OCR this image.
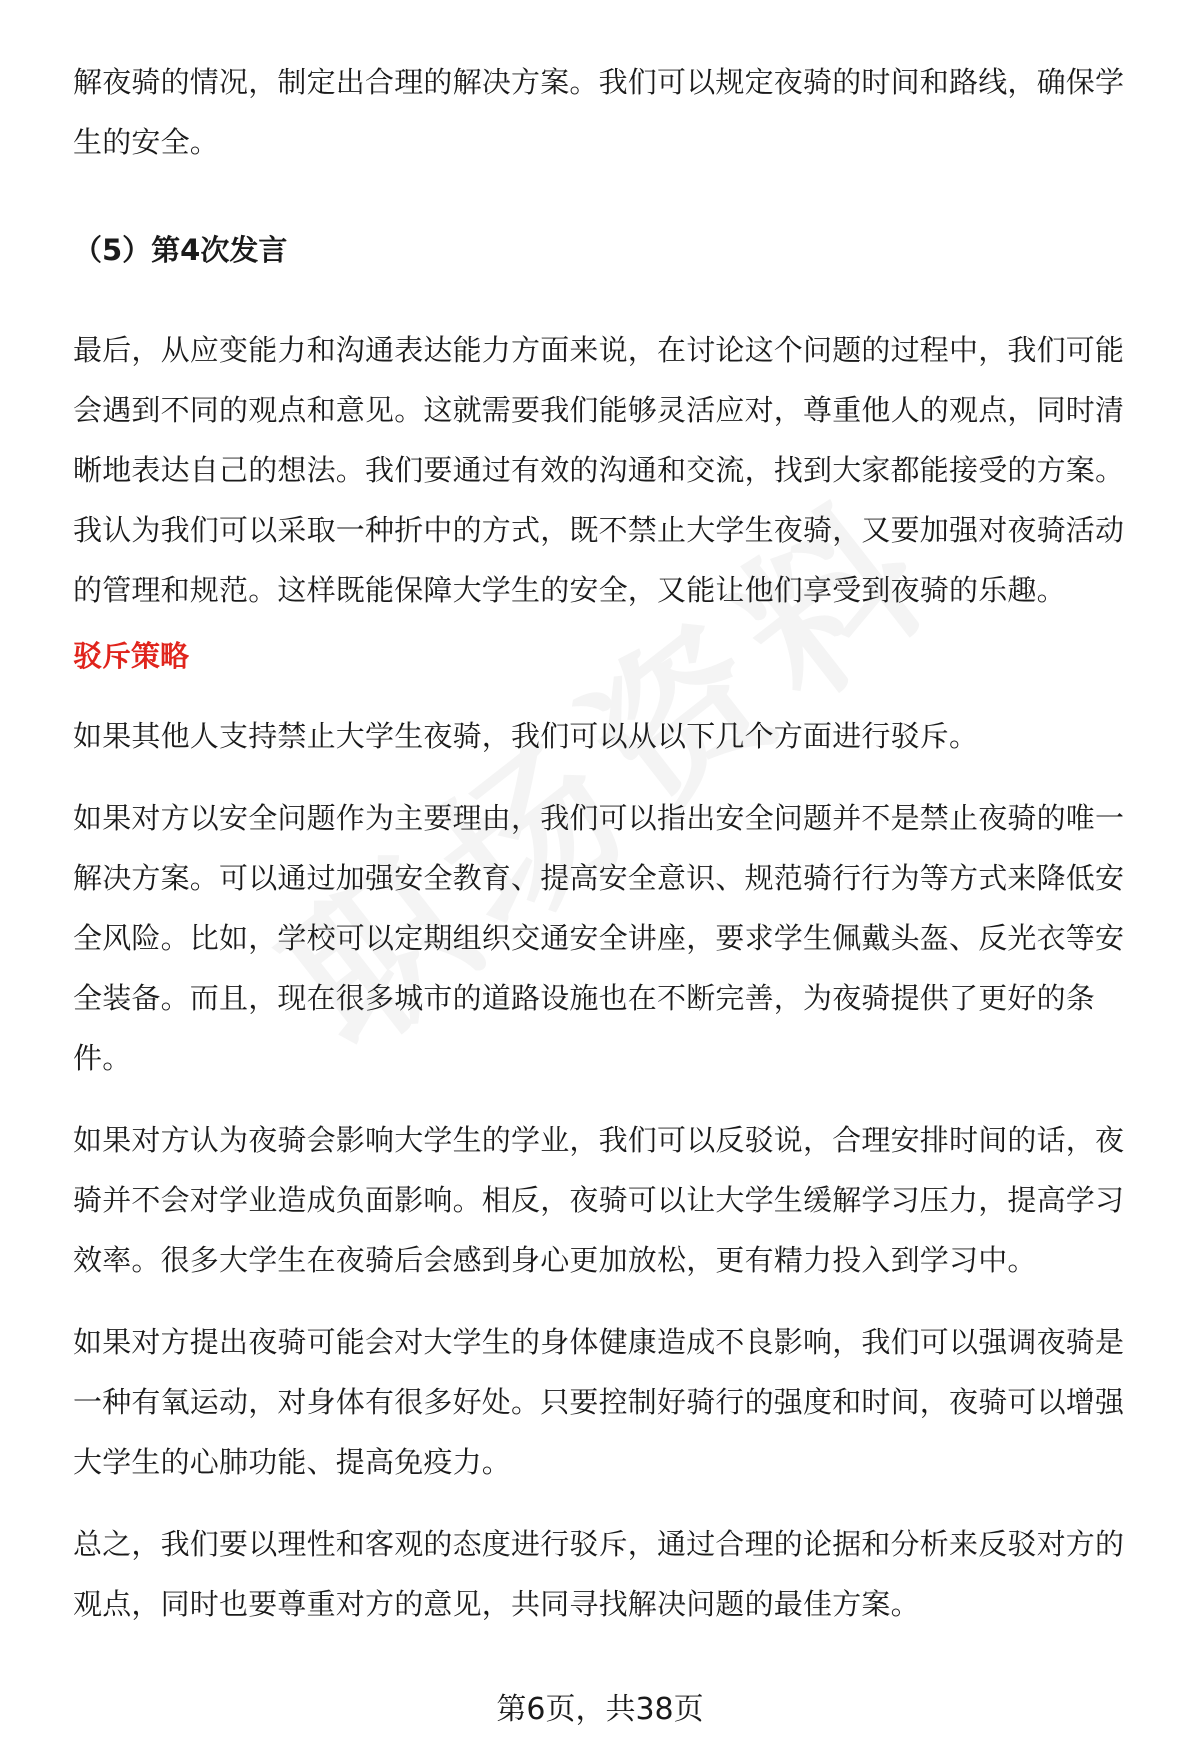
解夜骑的情况，制定出合理的解决方案。我们可以规定夜骑的时间和路线，确保学生的安全。

（5）第4次发言

最后，从应变能力和沟通表达能力方面来说，在讨论这个问题的过程中，我们可能会遇到不同的观点和意见。这就需要我们能够灵活应对，尊重他人的观点，同时清晰地表达自己的想法。我们要通过有效的沟通和交流，找到大家都能接受的方案。我认为我们可以采取一种折中的方式，既不禁止大学生夜骑，又要加强对夜骑活动的管理和规范。这样既能保障大学生的安全，又能让他们享受到夜骑的乐趣。

驳斥策略

如果其他人支持禁止大学生夜骑，我们可以从以下几个方面进行驳斥。

如果对方以安全问题作为主要理由，我们可以指出安全问题并不是禁止夜骑的唯一解决方案。可以通过加强安全教育、提高安全意识、规范骑行行为等方式来降低安全风险。比如，学校可以定期组织交通安全讲座，要求学生佩戴头盔、反光衣等安全装备。而且，现在很多城市的道路设施也在不断完善，为夜骑提供了更好的条件。

如果对方认为夜骑会影响大学生的学业，我们可以反驳说，合理安排时间的话，夜骑并不会对学业造成负面影响。相反，夜骑可以让大学生缓解学习压力，提高学习效率。很多大学生在夜骑后会感到身心更加放松，更有精力投入到学习中。

如果对方提出夜骑可能会对大学生的身体健康造成不良影响，我们可以强调夜骑是一种有氧运动，对身体有很多好处。只要控制好骑行的强度和时间，夜骑可以增强大学生的心肺功能、提高免疫力。

总之，我们要以理性和客观的态度进行驳斥，通过合理的论据和分析来反驳对方的观点，同时也要尊重对方的意见，共同寻找解决问题的最佳方案。

第6页，共38页
